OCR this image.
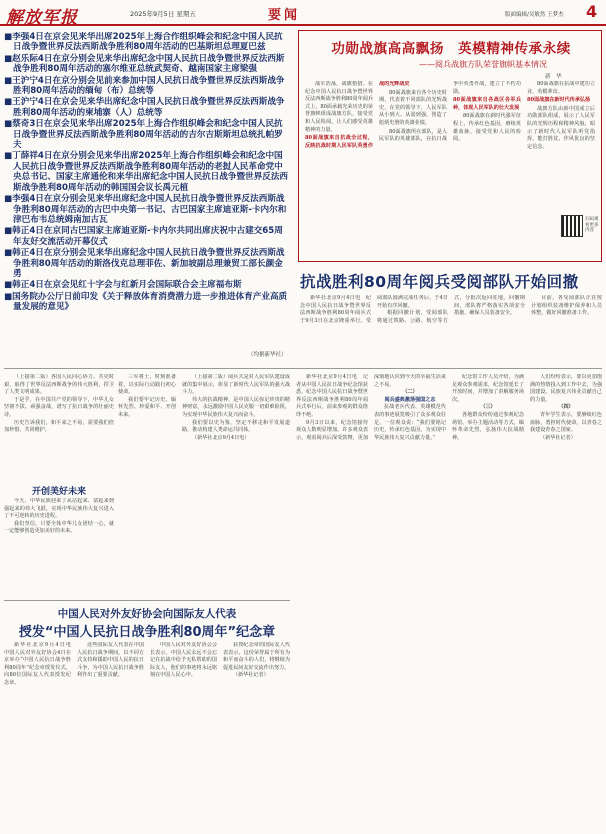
解放军报	2025年9月5日 星期五	要闻	版面编辑/吴敏然 王梦杰 4
■李强4日在京会见来华出席2025年上海合作组织峰会和纪念中国人民抗日战争暨世界反法西斯战争胜利80周年活动的巴基斯坦总理夏巴兹
■赵乐际4日在京分别会见来华出席纪念中国人民抗日战争暨世界反法西斯战争胜利80周年活动的塞尔维亚总统武契奇、越南国家主席梁强
■王沪宁4日在京分别会见前来参加中国人民抗日战争暨世界反法西斯战争胜利80周年活动的缅甸（布）总统等
■王沪宁4日在京会见来华出席纪念中国人民抗日战争暨世界反法西斯战争胜利80周年活动的柬埔寨（人）总统等
■蔡奇3日在京会见来华出席2025年上海合作组织峰会和纪念中国人民抗日战争暨世界反法西斯战争胜利80周年活动的吉尔吉斯斯坦总统扎帕罗夫
■丁薛祥4日在京分别会见来华出席2025年上海合作组织峰会和纪念中国人民抗日战争暨世界反法西斯战争胜利80周年活动的老挝人民革命党中央总书记、国家主席通伦和来华出席纪念中国人民抗日战争暨世界反法西斯战争胜利80周年活动的韩国国会议长禹元植
■李强4日在京分别会见来华出席纪念中国人民抗日战争暨世界反法西斯战争胜利80周年活动的古巴中央第一书记、古巴国家主席迪亚斯-卡内尔和津巴布韦总统姆南加古瓦
■韩正4日在京同古巴国家主席迪亚斯-卡内尔共同出席庆祝中古建交65周年友好交流活动开幕仪式
■韩正4日在京分别会见来华出席纪念中国人民抗日战争暨世界反法西斯战争胜利80周年活动的斯洛伐克总理菲佐、新加坡副总理兼贸工部长颜金勇
■韩正4日在京会见红十字会与红新月会国际联合会主席福布斯
■国务院办公厅日前印发《关于释放体育消费潜力进一步推进体育产业高质量发展的意见》
（均据新华社）
功勋战旗高高飘扬　英模精神传承永续
——阅兵战旗方队荣誉旗帜基本情况
新　华

战车浩荡，战旗猎猎。在纪念中国人民抗日战争暨世界反法西斯战争胜利80周年阅兵式上，80面承载光荣历史的荣誉旗帜组成战旗方队，接受党和人民检阅，让人们感受英雄精神的力量。

80面战旗来自抗战全过程，反映抗战时期人民军队英勇作战的光辉战史

80面战旗来自各个历史时期，代表着不同部队的光辉战史，在党的领导下，人民军队从小到大、从弱到强，创造了彪炳史册的英雄业绩。

80面战旗所在部队，是人民军队的英雄部队，在抗日战争中英勇作战，建立了不朽功勋。

80面战旗来自各战区各军兵种，体现人民军队的壮大发展

80面战旗在新时代强军征程上，传承红色基因，赓续英雄血脉，接受党和人民的检阅。

80面战旗在抗战中建功立业，英模辈出。

80面战旗在新时代传承弘扬

战旗方队由新中国成立后功勋部队组成，展示了人民军队的光辉历程和精神风貌，昭示了新时代人民军队听党指挥、能打胜仗、作风优良的坚定信念。

扫码观看更多内容
抗战胜利80周年阅兵受阅部队开始回撤

新华社北京9月4日电　纪念中国人民抗日战争暨世界反法西斯战争胜利80周年阅兵式于9月3日在北京隆重举行。受阅部队圆满完成任务后，于4日开始有序回撤。

根据回撤计划，受阅部队将通过铁路、公路、航空等方式，分批次返回驻地。回撤期间，部队将严格落实各项安全措施，确保人员装备安全。

目前，各受阅部队正在按计划组织装备维护保养和人员休整，做好回撤准备工作。

（上接第二版）各国人民同心协力、共克时艰，取得了世界反法西斯战争的伟大胜利，捍卫了人类文明成果。

于是乎，在中国共产党的领导下，中华儿女坚韧不拔、顽强奋战，谱写了抗日战争的壮丽史诗。

历史告诉我们，和平来之不易，需要我们倍加珍惜、共同维护。

三军将士，时刻准备着，以实际行动践行初心使命。

我们要牢记历史、缅怀先烈、珍爱和平、开创未来。

开创美好未来

今天，中华民族迎来了从站起来、富起来到强起来的伟大飞跃，实现中华民族伟大复兴进入了不可逆转的历史进程。

我们坚信，只要全体中华儿女团结一心，就一定能够创造更加美好的未来。

（上接第二版）阅兵式是对人民军队建设成就的集中展示，彰显了新时代人民军队的强大战斗力。

伟大的抗战精神，是中国人民弥足珍贵的精神财富，永远激励中国人民克服一切艰难险阻，为实现中华民族伟大复兴而奋斗。

我们要以史为鉴，坚定不移走和平发展道路，推动构建人类命运共同体。

（新华社北京9月4日电）

新华社北京9月4日电　记者从中国人民抗日战争纪念馆获悉，纪念中国人民抗日战争暨世界反法西斯战争胜利80周年阅兵式举行后，前来参观的群众络绎不绝。

9月3日以来，纪念馆接待观众人数明显增加。许多观众表示，观看阅兵后深受鼓舞，更加深刻地认识到今天的幸福生活来之不易。

（二）

阅兵盛典激荡强国之志

抗战老兵代表、英雄模范代表的事迹展览吸引了众多观众驻足。一位观众说：“我们要铭记历史，传承红色基因，为实现中华民族伟大复兴贡献力量。”

纪念馆工作人员介绍，为满足观众参观需求，纪念馆延长了开放时间，并增加了讲解服务场次。

（三）

各地群众纷纷通过参观纪念场馆、举办主题活动等方式，缅怀革命先烈，弘扬伟大抗战精神。

人们纷纷表示，要以更加饱满的热情投入到工作中去，为强国建设、民族复兴伟业贡献自己的力量。

（四）

青年学生表示，要赓续红色血脉，勇担时代使命，以青春之我建设青春之国家。

（新华社记者）

中国人民对外友好协会向国际友人代表
授发“中国人民抗日战争胜利80周年”纪念章

新华社北京9月4日电　中国人民对外友好协会4日在京举办“中国人民抗日战争胜利80周年”纪念章授发仪式，向80位国际友人代表授发纪念章。

这些国际友人代表在中国人民抗日战争期间，以不同方式支持和援助中国人民的抗日斗争，为中国人民抗日战争胜利作出了重要贡献。

中国人民对外友好协会会长表示，中国人民永远不会忘记在抗战中给予无私帮助的国际友人，他们的事迹将永远铭刻在中国人民心中。

获授纪念章的国际友人代表表示，这份荣誉属于所有为和平而奋斗的人们，将继续为促进民间友好交流作出努力。

（新华社记者）
